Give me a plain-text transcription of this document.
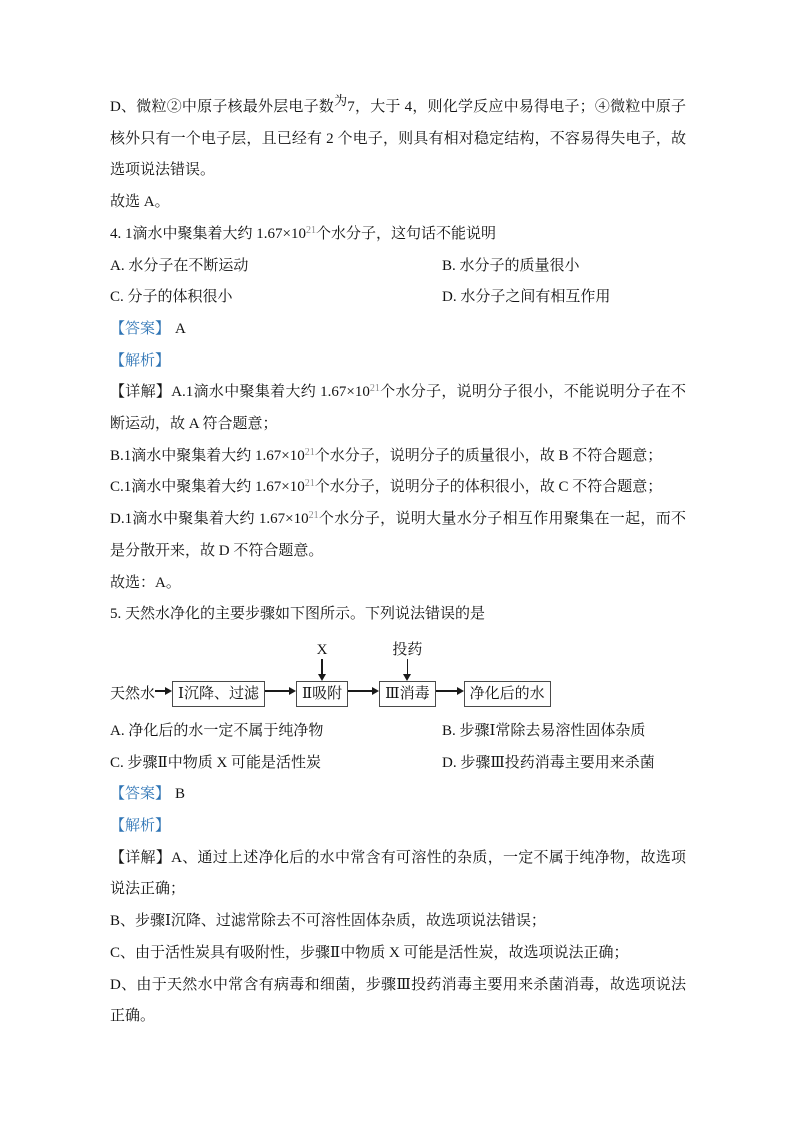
D、微粒②中原子核最外层电子数为7，大于 4，则化学反应中易得电子；④微粒中原子核外只有一个电子层，且已经有 2 个电子，则具有相对稳定结构，不容易得失电子，故选项说法错误。

故选 A。

4. 1滴水中聚集着大约 $1.67\times 10^{21}$个水分子，这句话不能说明

A. 水分子在不断运动	B. 水分子的质量很小
C. 分子的体积很小	D. 水分子之间有相互作用

【答案】 A

【解析】

【详解】A.1滴水中聚集着大约 $1.67\times 10^{21}$个水分子，说明分子很小，不能说明分子在不断运动，故 A 符合题意；

B.1滴水中聚集着大约 $1.67\times 10^{21}$个水分子，说明分子的质量很小，故 B 不符合题意；

C.1滴水中聚集着大约 $1.67\times 10^{21}$个水分子，说明分子的体积很小，故 C 不符合题意；

D.1滴水中聚集着大约 $1.67\times 10^{21}$个水分子，说明大量水分子相互作用聚集在一起，而不是分散开来，故 D 不符合题意。

故选：A。

5. 天然水净化的主要步骤如下图所示。下列说法错误的是

天然水	Ⅰ沉降、过滤
X
Ⅱ吸附
投药
Ⅲ消毒	净化后的水
A. 净化后的水一定不属于纯净物	B. 步骤Ⅰ常除去易溶性固体杂质
C. 步骤Ⅱ中物质 X 可能是活性炭	D. 步骤Ⅲ投药消毒主要用来杀菌

【答案】 B

【解析】

【详解】A、通过上述净化后的水中常含有可溶性的杂质，一定不属于纯净物，故选项说法正确；

B、步骤Ⅰ沉降、过滤常除去不可溶性固体杂质，故选项说法错误；

C、由于活性炭具有吸附性，步骤Ⅱ中物质 X 可能是活性炭，故选项说法正确；

D、由于天然水中常含有病毒和细菌，步骤Ⅲ投药消毒主要用来杀菌消毒，故选项说法正确。
